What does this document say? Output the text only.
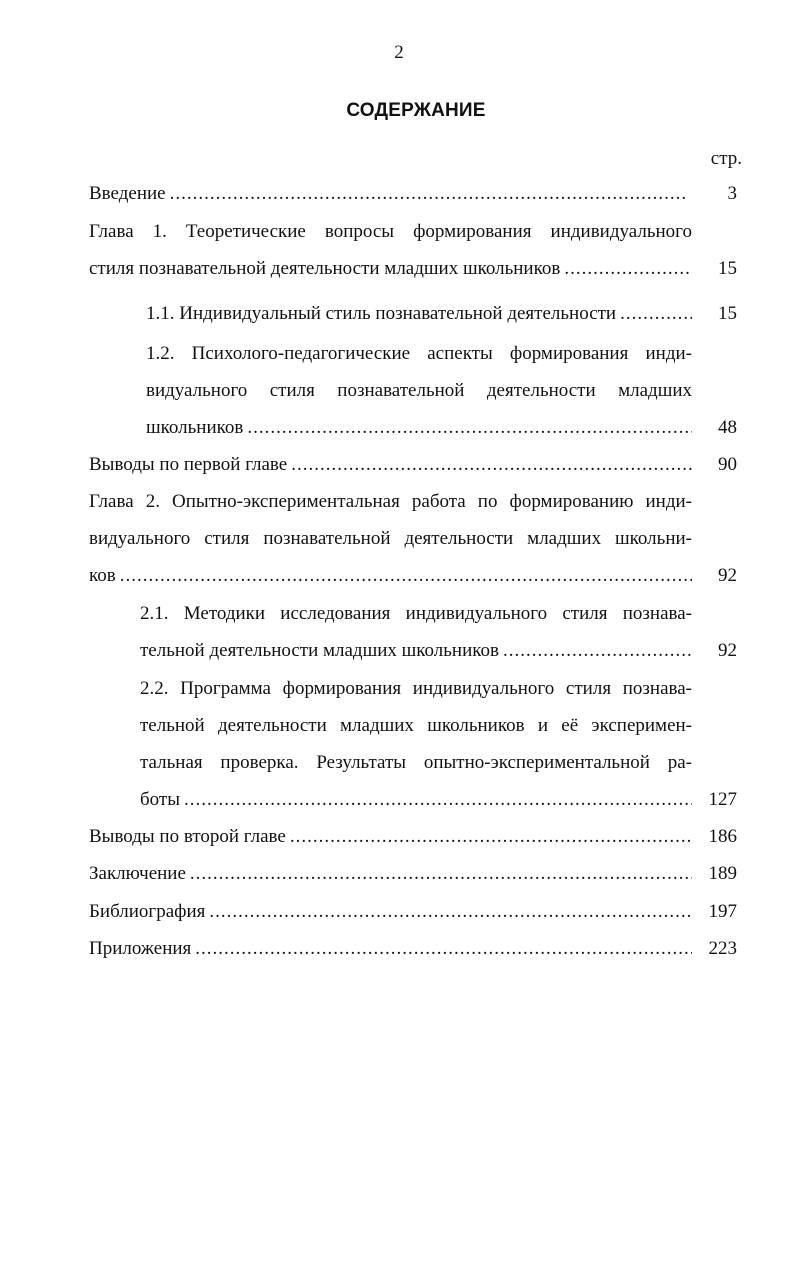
2
СОДЕРЖАНИЕ
стр.
Введение .....	3
Глава 1. Теоретические вопросы формирования индивидуального
стиля познавательной деятельности младших школьников .....	15
1.1. Индивидуальный стиль познавательной деятельности .....	15
1.2. Психолого-педагогические аспекты формирования инди-
видуального стиля познавательной деятельности младших
школьников .....	48
Выводы по первой главе .....	90
Глава 2. Опытно-экспериментальная работа по формированию инди-
видуального стиля познавательной деятельности младших школьни-
ков .....	92
2.1. Методики исследования индивидуального стиля познава-
тельной деятельности младших школьников .....	92
2.2. Программа формирования индивидуального стиля познава-
тельной деятельности младших школьников и её эксперимен-
тальная проверка. Результаты опытно-экспериментальной ра-
боты .....	127
Выводы по второй главе .....	186
Заключение .....	189
Библиография .....	197
Приложения .....	223
